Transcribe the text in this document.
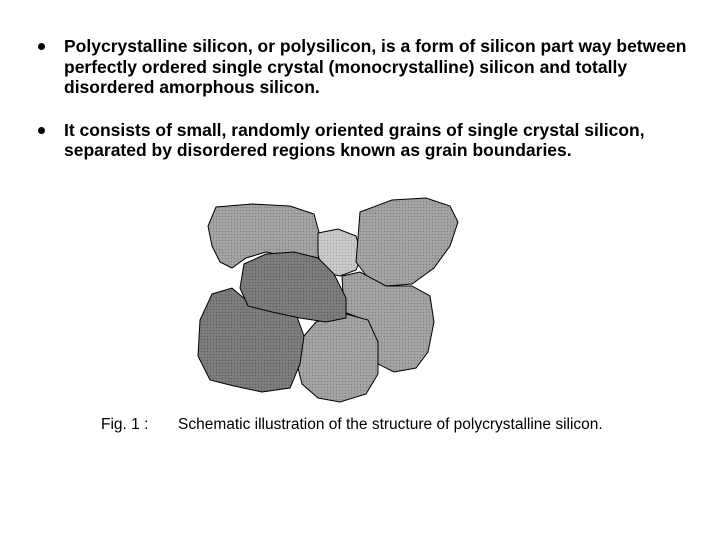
Polycrystalline silicon, or polysilicon, is a form of silicon part way between perfectly ordered single crystal (monocrystalline) silicon and totally disordered amorphous silicon.
It consists of small, randomly oriented grains of single crystal silicon, separated by disordered regions known as grain boundaries.
Fig. 1 : Schematic illustration of the structure of polycrystalline silicon.
